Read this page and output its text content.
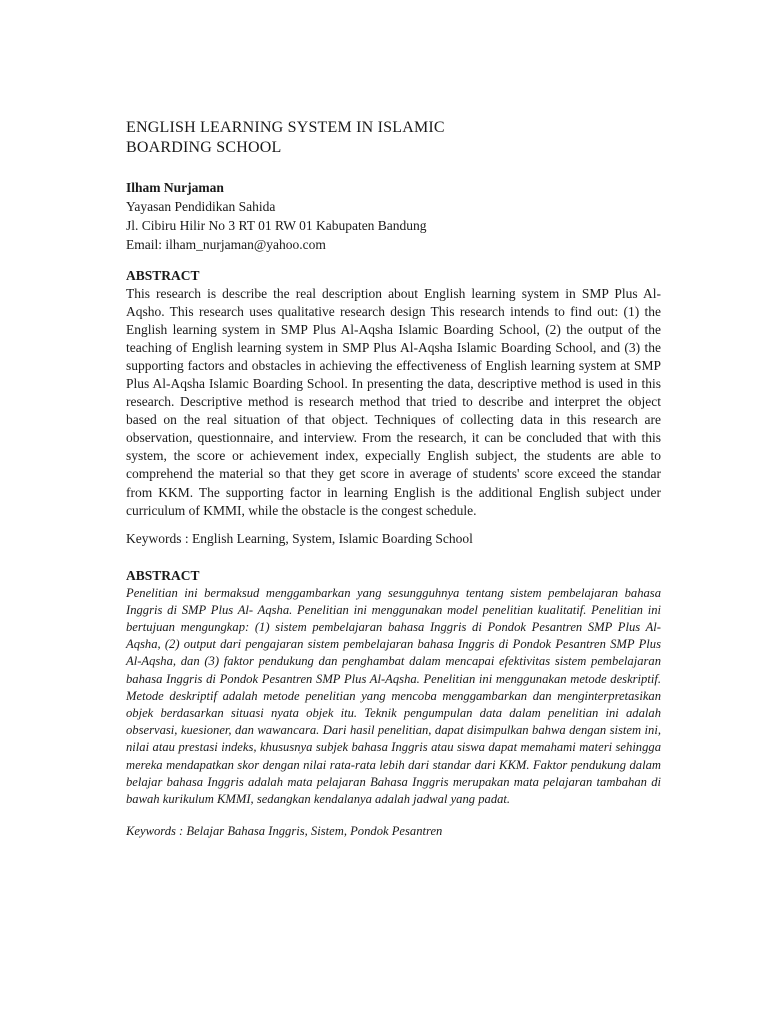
ENGLISH LEARNING SYSTEM IN ISLAMIC
BOARDING SCHOOL
Ilham Nurjaman
Yayasan Pendidikan Sahida
Jl. Cibiru Hilir No 3 RT 01 RW 01 Kabupaten Bandung
Email: ilham_nurjaman@yahoo.com
ABSTRACT

This research is describe the real description about English learning system in SMP Plus Al-Aqsho. This research uses qualitative research design This research intends to find out: (1) the English learning system in SMP Plus Al-Aqsha Islamic Boarding School, (2) the output of the teaching of English learning system in SMP Plus Al-Aqsha Islamic Boarding School, and (3) the supporting factors and obstacles in achieving the effectiveness of English learning system at SMP Plus Al-Aqsha Islamic Boarding School. In presenting the data, descriptive method is used in this research. Descriptive method is research method that tried to describe and interpret the object based on the real situation of that object. Techniques of collecting data in this research are observation, questionnaire, and interview. From the research, it can be concluded that with this system, the score or achievement index, expecially English subject, the students are able to comprehend the material so that they get score in average of students' score exceed the standar from KKM. The supporting factor in learning English is the additional English subject under curriculum of KMMI, while the obstacle is the congest schedule.

Keywords : English Learning, System, Islamic Boarding School
ABSTRACT

Penelitian ini bermaksud menggambarkan yang sesungguhnya tentang sistem pembelajaran bahasa Inggris di SMP Plus Al- Aqsha. Penelitian ini menggunakan model penelitian kualitatif. Penelitian ini bertujuan mengungkap: (1) sistem pembelajaran bahasa Inggris di Pondok Pesantren SMP Plus Al-Aqsha, (2) output dari pengajaran sistem pembelajaran bahasa Inggris di Pondok Pesantren SMP Plus Al-Aqsha, dan (3) faktor pendukung dan penghambat dalam mencapai efektivitas sistem pembelajaran bahasa Inggris di Pondok Pesantren SMP Plus Al-Aqsha. Penelitian ini menggunakan metode deskriptif. Metode deskriptif adalah metode penelitian yang mencoba menggambarkan dan menginterpretasikan objek berdasarkan situasi nyata objek itu. Teknik pengumpulan data dalam penelitian ini adalah observasi, kuesioner, dan wawancara. Dari hasil penelitian, dapat disimpulkan bahwa dengan sistem ini, nilai atau prestasi indeks, khususnya subjek bahasa Inggris atau siswa dapat memahami materi sehingga mereka mendapatkan skor dengan nilai rata-rata lebih dari standar dari KKM. Faktor pendukung dalam belajar bahasa Inggris adalah mata pelajaran Bahasa Inggris merupakan mata pelajaran tambahan di bawah kurikulum KMMI, sedangkan kendalanya adalah jadwal yang padat.

Keywords : Belajar Bahasa Inggris, Sistem, Pondok Pesantren
